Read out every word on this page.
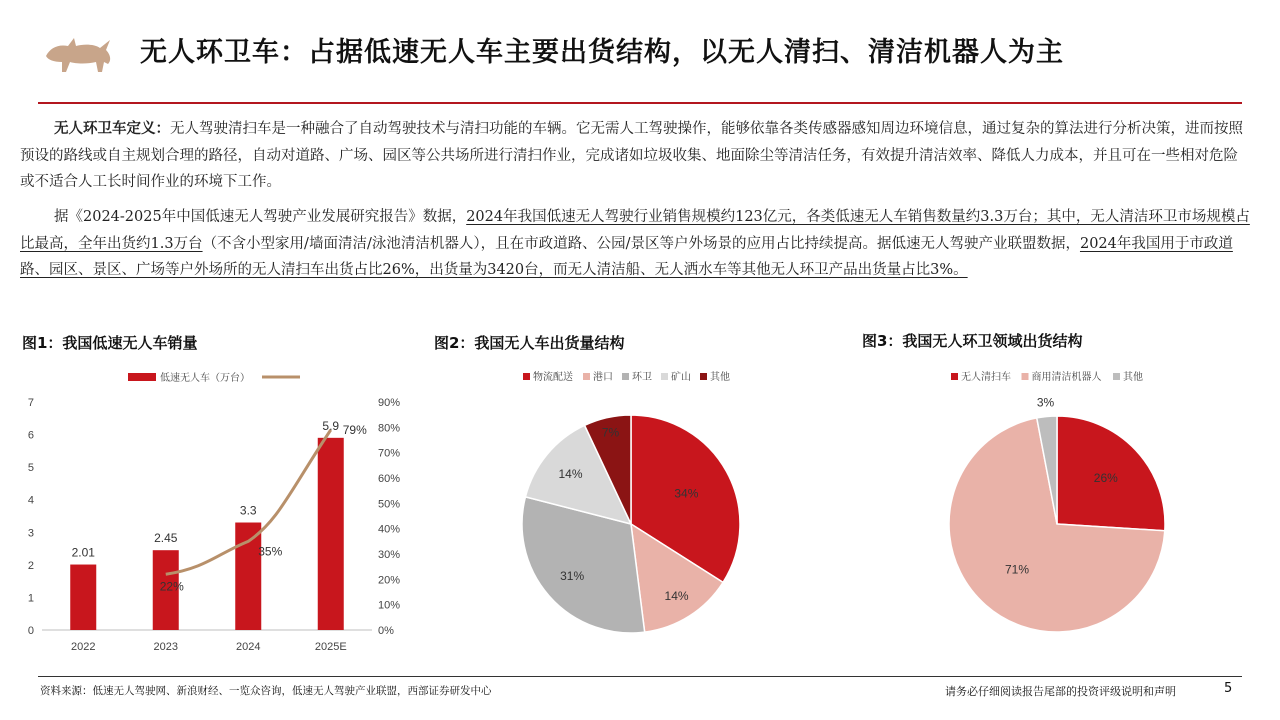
无人环卫车：占据低速无人车主要出货结构，以无人清扫、清洁机器人为主
无人环卫车定义：无人驾驶清扫车是一种融合了自动驾驶技术与清扫功能的车辆。它无需人工驾驶操作，能够依靠各类传感器感知周边环境信息，通过复杂的算法进行分析决策，进而按照预设的路线或自主规划合理的路径，自动对道路、广场、园区等公共场所进行清扫作业，完成诸如垃圾收集、地面除尘等清洁任务，有效提升清洁效率、降低人力成本，并且可在一些相对危险或不适合人工长时间作业的环境下工作。
据《2024-2025年中国低速无人驾驶产业发展研究报告》数据，2024年我国低速无人驾驶行业销售规模约123亿元，各类低速无人车销售数量约3.3万台；其中，无人清洁环卫市场规模占比最高，全年出货约1.3万台（不含小型家用/墙面清洁/泳池清洁机器人），且在市政道路、公园/景区等户外场景的应用占比持续提高。据低速无人驾驶产业联盟数据，2024年我国用于市政道路、园区、景区、广场等户外场所的无人清扫车出货占比26%，出货量为3420台，而无人清洁船、无人洒水车等其他无人环卫产品出货量占比3%。
图1：我国低速无人车销量	图2：我国无人车出货量结构	图3：我国无人环卫领域出货结构
低速无人车（万台）
0
1
2
3
4
5
6
7
0%
10%
20%
30%
40%
50%
60%
70%
80%
90%
2.01
2022
2.45
2023
3.3
2024
5.9
2025E
22%
35%
79%
物流配送 港口 环卫 矿山 其他
34%
14%
31%
14%
7%
无人清扫车 商用清洁机器人 其他
26%
71%
3%
资料来源：低速无人驾驶网、新浪财经、一览众咨询，低速无人驾驶产业联盟，西部证券研发中心	请务必仔细阅读报告尾部的投资评级说明和声明	5
